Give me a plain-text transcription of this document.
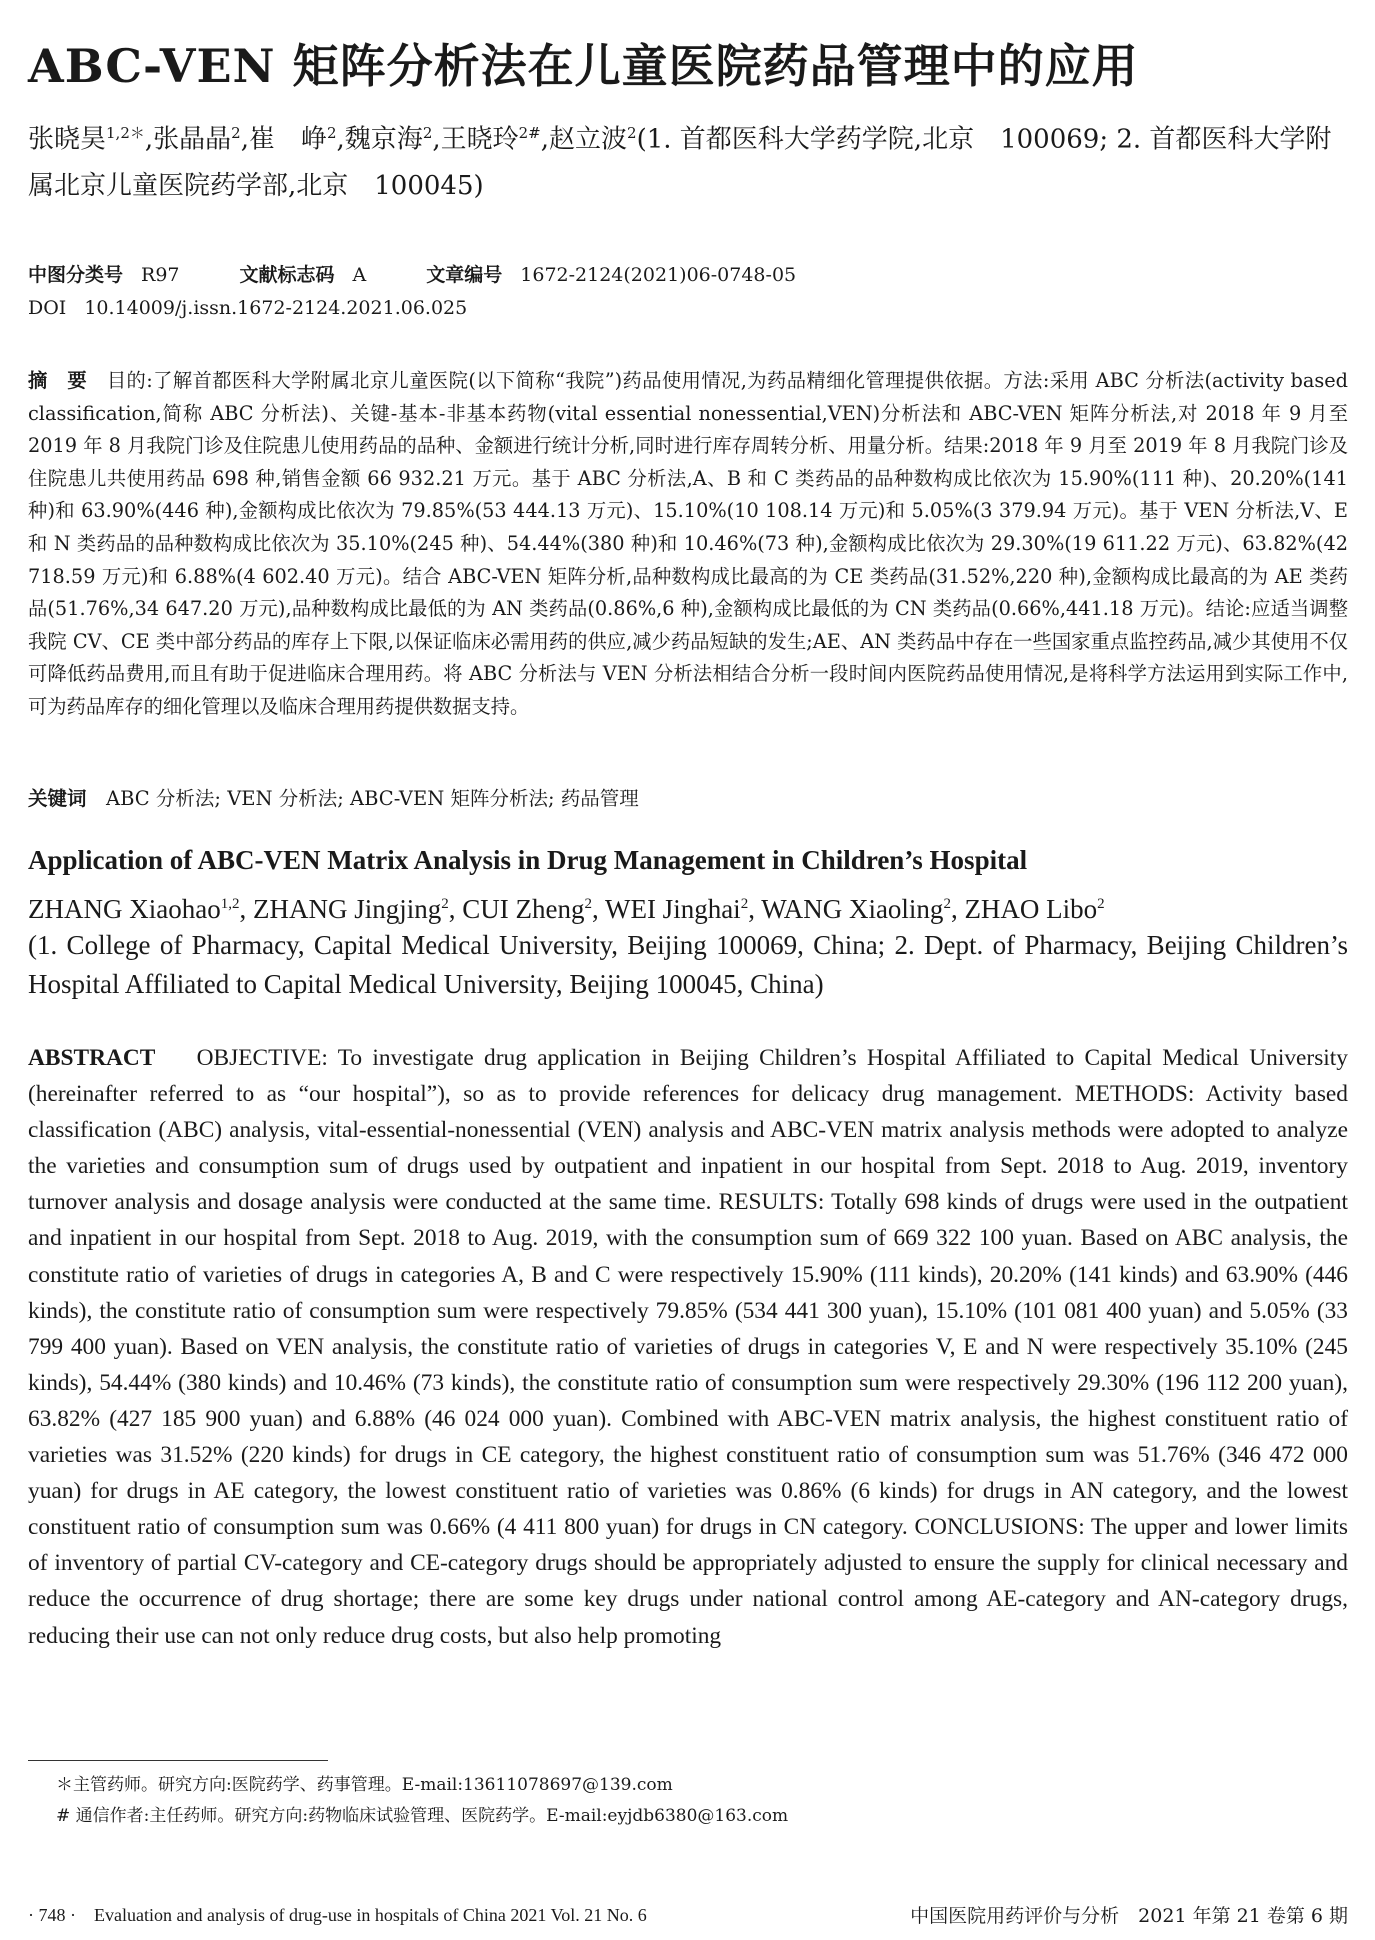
ABC-VEN 矩阵分析法在儿童医院药品管理中的应用
张晓昊$^{1,2*}$,张晶晶$^2$,崔　峥$^2$,魏京海$^2$,王晓玲$^{2\#}$,赵立波$^2$(1. 首都医科大学药学院,北京　100069; 2. 首都医科大学附属北京儿童医院药学部,北京　100045)
中图分类号 R97	文献标志码 A	文章编号 1672-2124(2021)06-0748-05
DOI 10.14009/j.issn.1672-2124.2021.06.025
摘　要　 目的:了解首都医科大学附属北京儿童医院(以下简称“我院”)药品使用情况,为药品精细化管理提供依据。方法:采用 ABC 分析法(activity based classification,简称 ABC 分析法)、关键-基本-非基本药物(vital essential nonessential,VEN)分析法和 ABC-VEN 矩阵分析法,对 2018 年 9 月至 2019 年 8 月我院门诊及住院患儿使用药品的品种、金额进行统计分析,同时进行库存周转分析、用量分析。结果:2018 年 9 月至 2019 年 8 月我院门诊及住院患儿共使用药品 698 种,销售金额 66 932.21 万元。基于 ABC 分析法,A、B 和 C 类药品的品种数构成比依次为 15.90%(111 种)、20.20%(141 种)和 63.90%(446 种),金额构成比依次为 79.85%(53 444.13 万元)、15.10%(10 108.14 万元)和 5.05%(3 379.94 万元)。基于 VEN 分析法,V、E 和 N 类药品的品种数构成比依次为 35.10%(245 种)、54.44%(380 种)和 10.46%(73 种),金额构成比依次为 29.30%(19 611.22 万元)、63.82%(42 718.59 万元)和 6.88%(4 602.40 万元)。结合 ABC-VEN 矩阵分析,品种数构成比最高的为 CE 类药品(31.52%,220 种),金额构成比最高的为 AE 类药品(51.76%,34 647.20 万元),品种数构成比最低的为 AN 类药品(0.86%,6 种),金额构成比最低的为 CN 类药品(0.66%,441.18 万元)。结论:应适当调整我院 CV、CE 类中部分药品的库存上下限,以保证临床必需用药的供应,减少药品短缺的发生;AE、AN 类药品中存在一些国家重点监控药品,减少其使用不仅可降低药品费用,而且有助于促进临床合理用药。将 ABC 分析法与 VEN 分析法相结合分析一段时间内医院药品使用情况,是将科学方法运用到实际工作中,可为药品库存的细化管理以及临床合理用药提供数据支持。
关键词　 ABC 分析法; VEN 分析法; ABC-VEN 矩阵分析法; 药品管理
Application of ABC-VEN Matrix Analysis in Drug Management in Children’s Hospital
ZHANG Xiaohao$^{1,2}$, ZHANG Jingjing$^2$, CUI Zheng$^2$, WEI Jinghai$^2$, WANG Xiaoling$^2$, ZHAO Libo$^2$
(1. College of Pharmacy, Capital Medical University, Beijing 100069, China; 2. Dept. of Pharmacy, Beijing Children’s Hospital Affiliated to Capital Medical University, Beijing 100045, China)
ABSTRACT OBJECTIVE: To investigate drug application in Beijing Children’s Hospital Affiliated to Capital Medical University (hereinafter referred to as “our hospital”), so as to provide references for delicacy drug management. METHODS: Activity based classification (ABC) analysis, vital-essential-nonessential (VEN) analysis and ABC-VEN matrix analysis methods were adopted to analyze the varieties and consumption sum of drugs used by outpatient and inpatient in our hospital from Sept. 2018 to Aug. 2019, inventory turnover analysis and dosage analysis were conducted at the same time. RESULTS: Totally 698 kinds of drugs were used in the outpatient and inpatient in our hospital from Sept. 2018 to Aug. 2019, with the consumption sum of 669 322 100 yuan. Based on ABC analysis, the constitute ratio of varieties of drugs in categories A, B and C were respectively 15.90% (111 kinds), 20.20% (141 kinds) and 63.90% (446 kinds), the constitute ratio of consumption sum were respectively 79.85% (534 441 300 yuan), 15.10% (101 081 400 yuan) and 5.05% (33 799 400 yuan). Based on VEN analysis, the constitute ratio of varieties of drugs in categories V, E and N were respectively 35.10% (245 kinds), 54.44% (380 kinds) and 10.46% (73 kinds), the constitute ratio of consumption sum were respectively 29.30% (196 112 200 yuan), 63.82% (427 185 900 yuan) and 6.88% (46 024 000 yuan). Combined with ABC-VEN matrix analysis, the highest constituent ratio of varieties was 31.52% (220 kinds) for drugs in CE category, the highest constituent ratio of consumption sum was 51.76% (346 472 000 yuan) for drugs in AE category, the lowest constituent ratio of varieties was 0.86% (6 kinds) for drugs in AN category, and the lowest constituent ratio of consumption sum was 0.66% (4 411 800 yuan) for drugs in CN category. CONCLUSIONS: The upper and lower limits of inventory of partial CV-category and CE-category drugs should be appropriately adjusted to ensure the supply for clinical necessary and reduce the occurrence of drug shortage; there are some key drugs under national control among AE-category and AN-category drugs, reducing their use can not only reduce drug costs, but also help promoting
＊主管药师。研究方向:医院药学、药事管理。E-mail:13611078697@139.com
# 通信作者:主任药师。研究方向:药物临床试验管理、医院药学。E-mail:eyjdb6380@163.com
· 748 ·　Evaluation and analysis of drug-use in hospitals of China 2021 Vol. 21 No. 6	中国医院用药评价与分析　2021 年第 21 卷第 6 期
